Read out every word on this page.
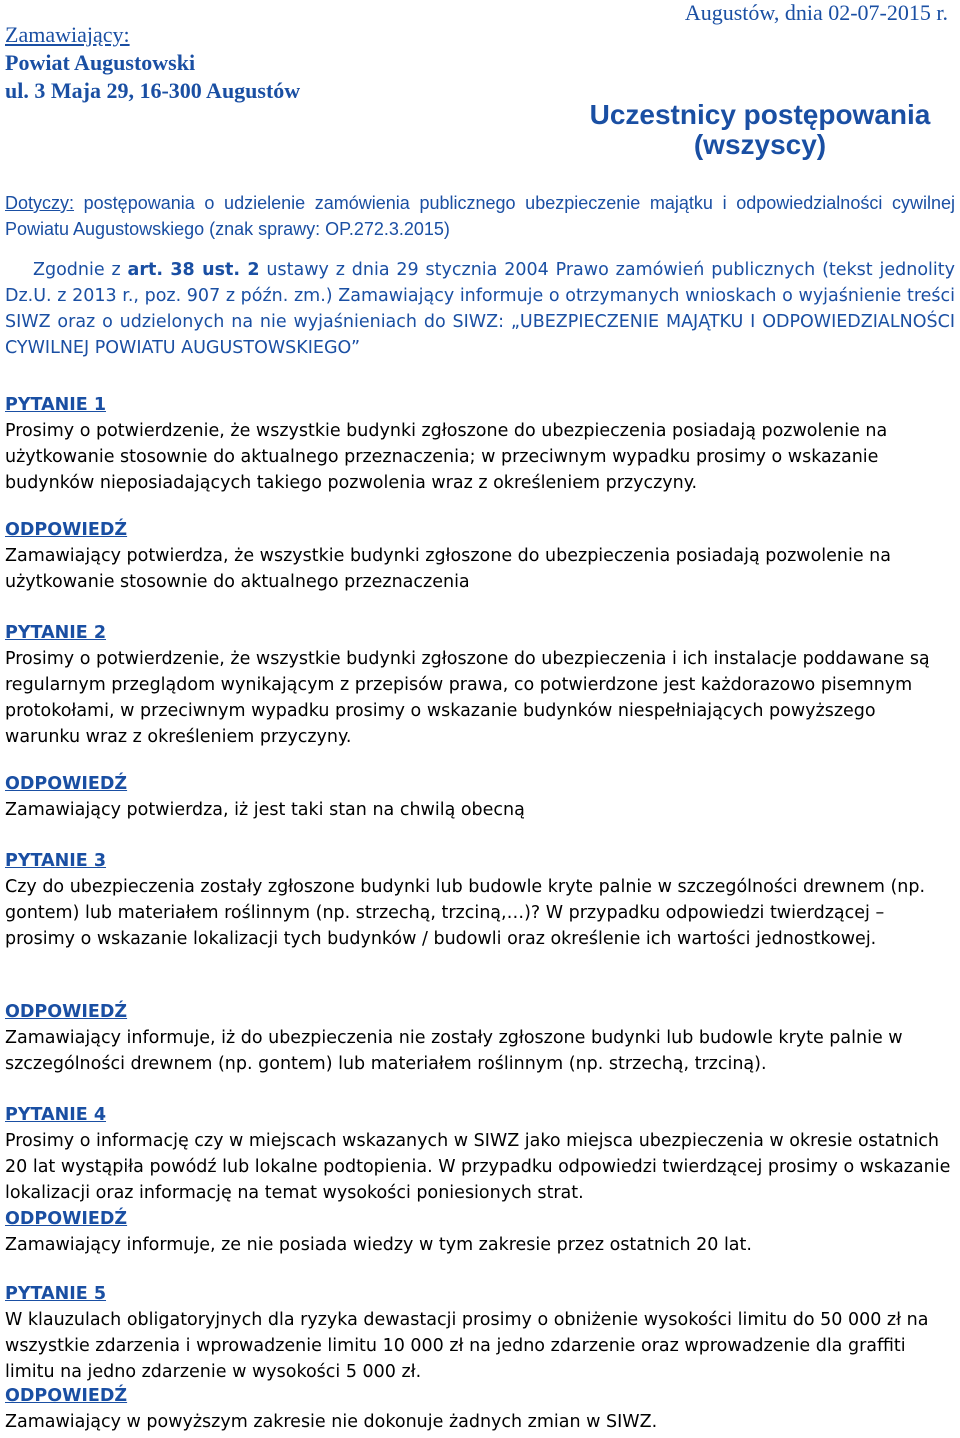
Zamawiający:
Powiat Augustowski
ul. 3 Maja 29, 16-300 Augustów
Augustów, dnia 02-07-2015 r.
Uczestnicy postępowania (wszyscy)
Dotyczy: postępowania o udzielenie zamówienia publicznego ubezpieczenie majątku i odpowiedzialności cywilnej Powiatu Augustowskiego (znak sprawy: OP.272.3.2015)
Zgodnie z art. 38 ust. 2 ustawy z dnia 29 stycznia 2004 Prawo zamówień publicznych (tekst jednolity Dz.U. z 2013 r., poz. 907 z późn. zm.) Zamawiający informuje o otrzymanych wnioskach o wyjaśnienie treści SIWZ oraz o udzielonych na nie wyjaśnieniach do SIWZ: „UBEZPIECZENIE MAJĄTKU I ODPOWIEDZIALNOŚCI CYWILNEJ POWIATU AUGUSTOWSKIEGO”
PYTANIE 1
Prosimy o potwierdzenie, że wszystkie budynki zgłoszone do ubezpieczenia posiadają pozwolenie na użytkowanie stosownie do aktualnego przeznaczenia; w przeciwnym wypadku prosimy o wskazanie budynków nieposiadających takiego pozwolenia wraz z określeniem przyczyny.
ODPOWIEDŹ
Zamawiający potwierdza, że wszystkie budynki zgłoszone do ubezpieczenia posiadają pozwolenie na użytkowanie stosownie do aktualnego przeznaczenia
PYTANIE 2
Prosimy o potwierdzenie, że wszystkie budynki zgłoszone do ubezpieczenia i ich instalacje poddawane są regularnym przeglądom wynikającym z przepisów prawa, co potwierdzone jest każdorazowo pisemnym protokołami, w przeciwnym wypadku prosimy o wskazanie budynków niespełniających powyższego warunku wraz z określeniem przyczyny.
ODPOWIEDŹ
Zamawiający potwierdza, iż jest taki stan na chwilą obecną
PYTANIE 3
Czy do ubezpieczenia zostały zgłoszone budynki lub budowle kryte palnie w szczególności drewnem (np. gontem) lub materiałem roślinnym (np. strzechą, trzciną,…)? W przypadku odpowiedzi twierdzącej – prosimy o wskazanie lokalizacji tych budynków / budowli oraz określenie ich wartości jednostkowej.
ODPOWIEDŹ
Zamawiający informuje, iż do ubezpieczenia nie zostały zgłoszone budynki lub budowle kryte palnie w szczególności drewnem (np. gontem) lub materiałem roślinnym (np. strzechą, trzciną).
PYTANIE 4
Prosimy o informację czy w miejscach wskazanych w SIWZ jako miejsca ubezpieczenia w okresie ostatnich 20 lat wystąpiła powódź lub lokalne podtopienia. W przypadku odpowiedzi twierdzącej prosimy o wskazanie lokalizacji oraz informację na temat wysokości poniesionych strat.
ODPOWIEDŹ
Zamawiający informuje, ze nie posiada wiedzy w tym zakresie przez ostatnich 20 lat.
PYTANIE 5
W klauzulach obligatoryjnych dla ryzyka dewastacji prosimy o obniżenie wysokości limitu do 50 000 zł na wszystkie zdarzenia i wprowadzenie limitu 10 000 zł na jedno zdarzenie oraz wprowadzenie dla graffiti limitu na jedno zdarzenie w wysokości 5 000 zł.
ODPOWIEDŹ
Zamawiający w powyższym zakresie nie dokonuje żadnych zmian w SIWZ.
